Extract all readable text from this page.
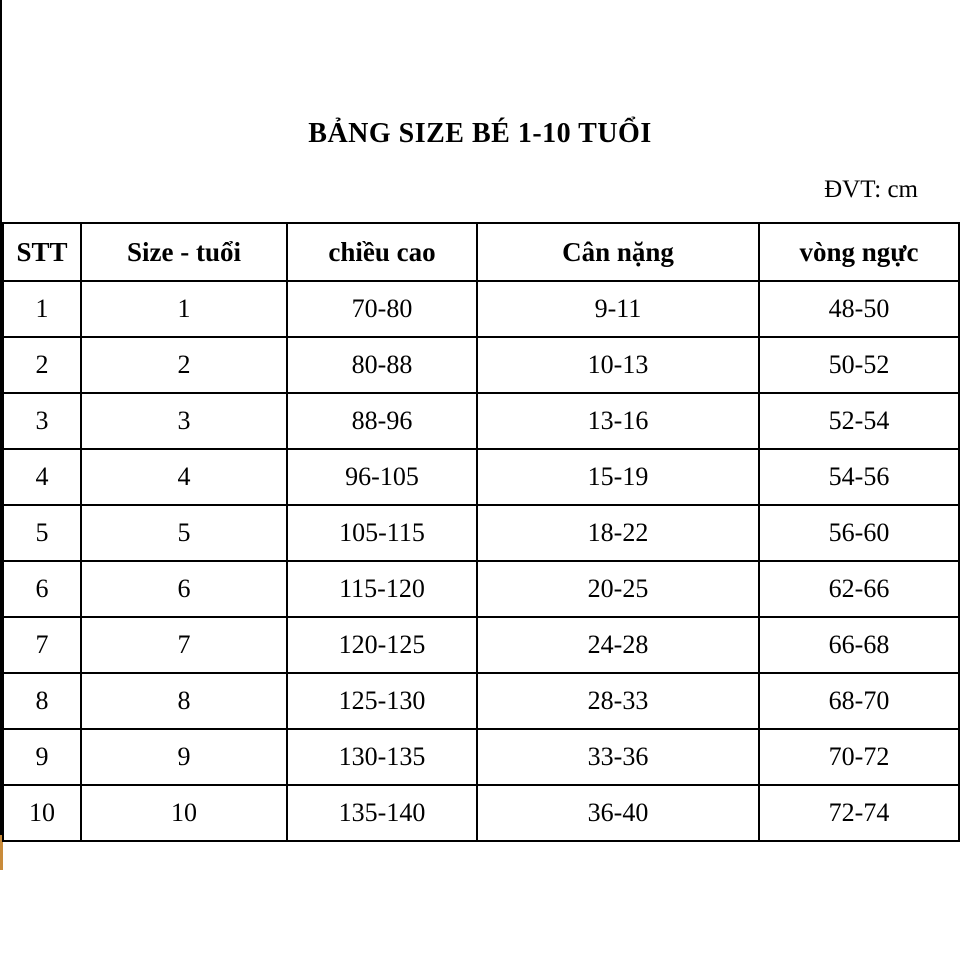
BẢNG SIZE BÉ 1-10 TUỔI
ĐVT: cm
STT	Size - tuổi	chiều cao	Cân nặng	vòng ngực
1	1	70-80	9-11	48-50
2	2	80-88	10-13	50-52
3	3	88-96	13-16	52-54
4	4	96-105	15-19	54-56
5	5	105-115	18-22	56-60
6	6	115-120	20-25	62-66
7	7	120-125	24-28	66-68
8	8	125-130	28-33	68-70
9	9	130-135	33-36	70-72
10	10	135-140	36-40	72-74
